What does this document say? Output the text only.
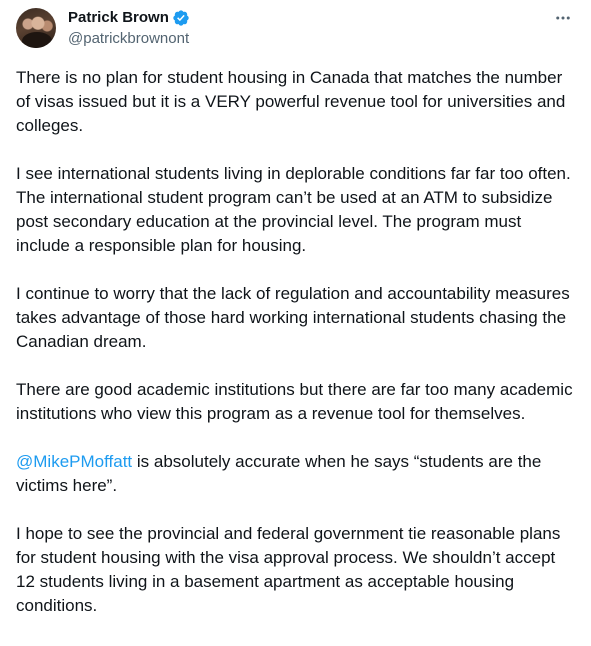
Patrick Brown
@patrickbrownont

There is no plan for student housing in Canada that matches the number of visas issued but it is a VERY powerful revenue tool for universities and colleges.

I see international students living in deplorable conditions far far too often. The international student program can’t be used at an ATM to subsidize post secondary education at the provincial level. The program must include a responsible plan for housing.

I continue to worry that the lack of regulation and accountability measures takes advantage of those hard working international students chasing the Canadian dream.

There are good academic institutions but there are far too many academic institutions who view this program as a revenue tool for themselves.

@MikePMoffatt is absolutely accurate when he says “students are the victims here”.

I hope to see the provincial and federal government tie reasonable plans for student housing with the visa approval process. We shouldn’t accept 12 students living in a basement apartment as acceptable housing conditions.
